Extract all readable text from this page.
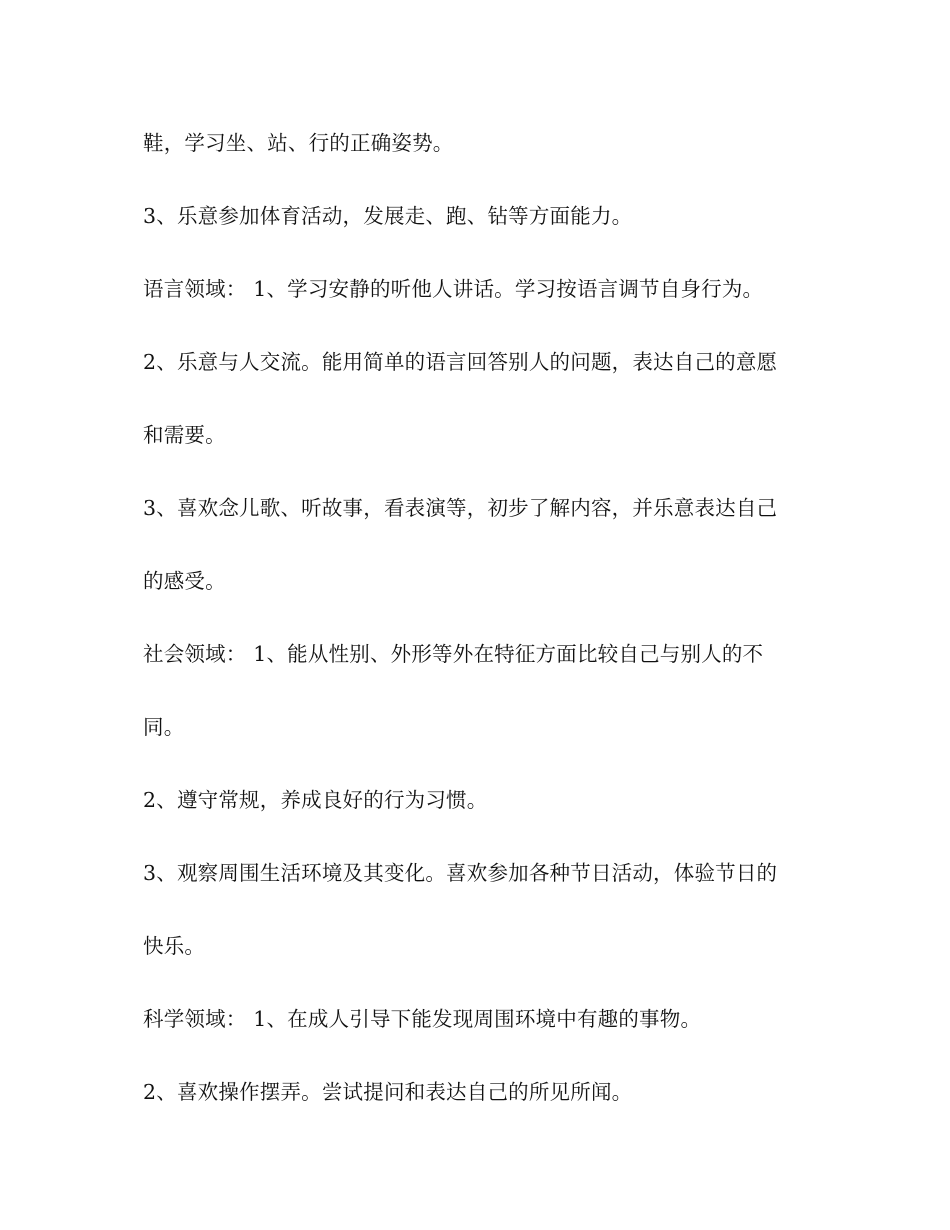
鞋，学习坐、站、行的正确姿势。
3、乐意参加体育活动，发展走、跑、钻等方面能力。
语言领域： 1、学习安静的听他人讲话。学习按语言调节自身行为。
2、乐意与人交流。能用简单的语言回答别人的问题，表达自己的意愿
和需要。
3、喜欢念儿歌、听故事，看表演等，初步了解内容，并乐意表达自己
的感受。
社会领域： 1、能从性别、外形等外在特征方面比较自己与别人的不
同。
2、遵守常规，养成良好的行为习惯。
3、观察周围生活环境及其变化。喜欢参加各种节日活动，体验节日的
快乐。
科学领域： 1、在成人引导下能发现周围环境中有趣的事物。
2、喜欢操作摆弄。尝试提问和表达自己的所见所闻。
